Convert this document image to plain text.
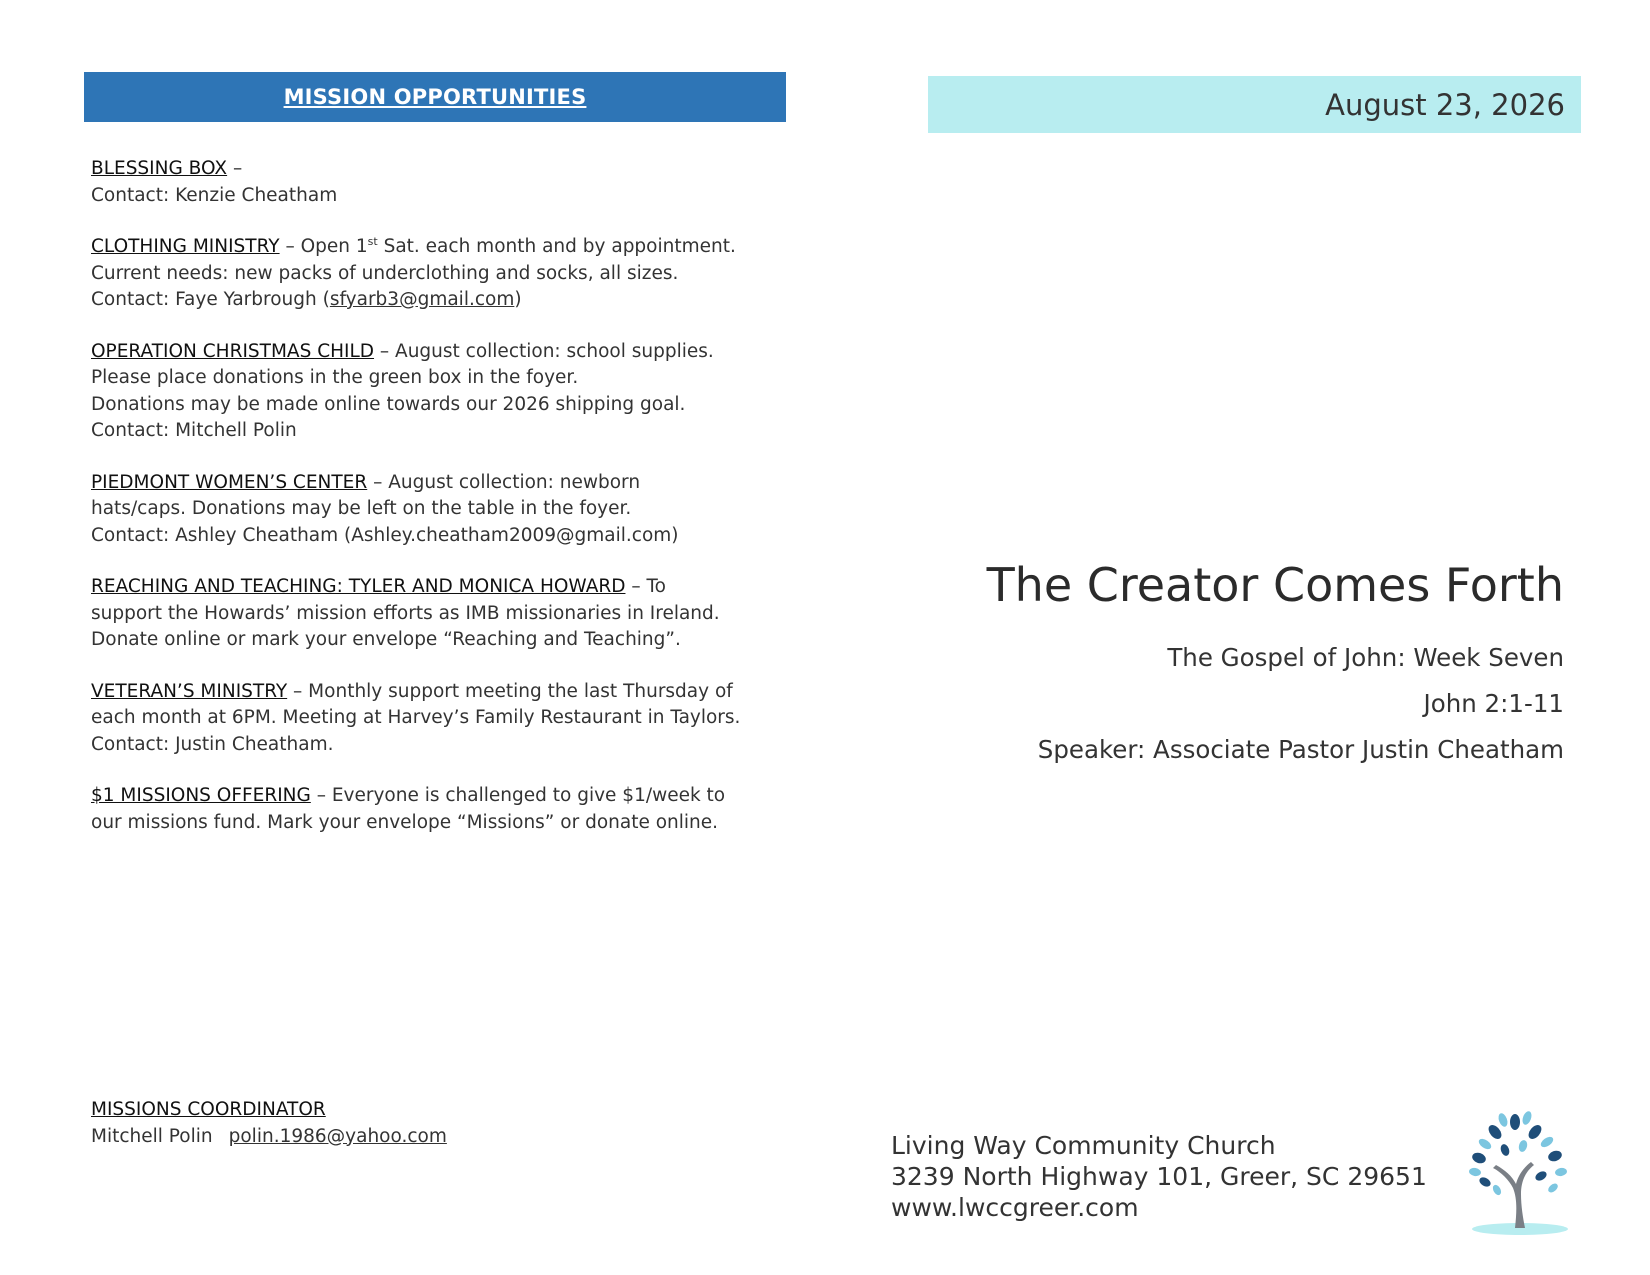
MISSION OPPORTUNITIES
BLESSING BOX –
Contact: Kenzie Cheatham
CLOTHING MINISTRY – Open 1st Sat. each month and by appointment.
Current needs: new packs of underclothing and socks, all sizes.
Contact: Faye Yarbrough (sfyarb3@gmail.com)
OPERATION CHRISTMAS CHILD – August collection: school supplies.
Please place donations in the green box in the foyer.
Donations may be made online towards our 2026 shipping goal.
Contact: Mitchell Polin
PIEDMONT WOMEN’S CENTER – August collection: newborn
hats/caps. Donations may be left on the table in the foyer.
Contact: Ashley Cheatham (Ashley.cheatham2009@gmail.com)
REACHING AND TEACHING: TYLER AND MONICA HOWARD – To
support the Howards’ mission efforts as IMB missionaries in Ireland.
Donate online or mark your envelope “Reaching and Teaching”.
VETERAN’S MINISTRY – Monthly support meeting the last Thursday of
each month at 6PM. Meeting at Harvey’s Family Restaurant in Taylors.
Contact: Justin Cheatham.
$1 MISSIONS OFFERING – Everyone is challenged to give $1/week to
our missions fund. Mark your envelope “Missions” or donate online.
MISSIONS COORDINATOR
Mitchell Polin polin.1986@yahoo.com
August 23, 2026
The Creator Comes Forth
The Gospel of John: Week Seven
John 2:1-11
Speaker: Associate Pastor Justin Cheatham
Living Way Community Church
3239 North Highway 101, Greer, SC 29651
www.lwccgreer.com
